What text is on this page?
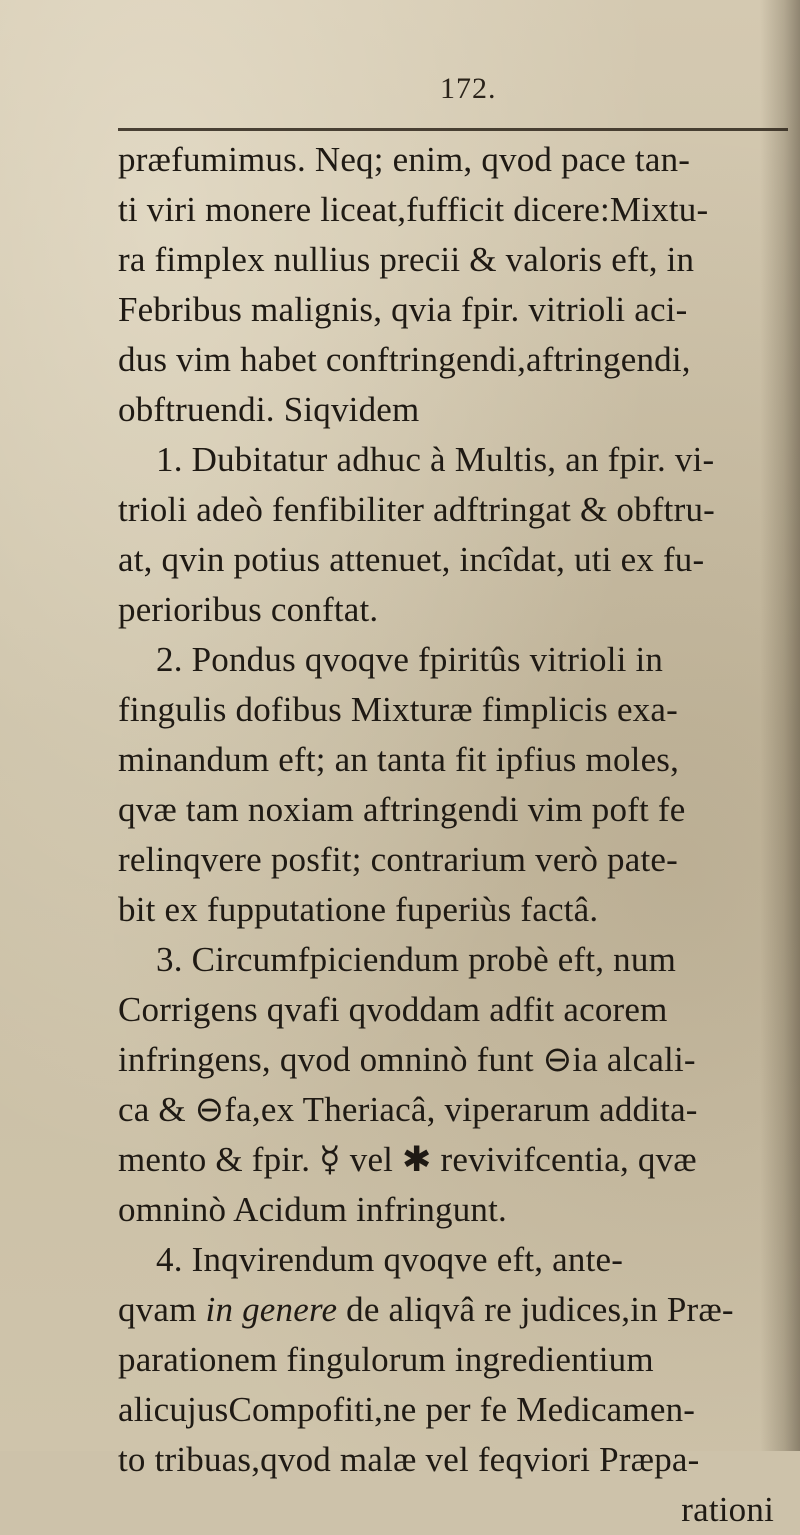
172.
præfumimus. Neq; enim, qvod pace tan-
ti viri monere liceat,fufficit dicere:Mixtu-
ra fimplex nullius precii & valoris eft, in
Febribus malignis, qvia fpir. vitrioli aci-
dus vim habet conftringendi,aftringendi,
obftruendi. Siqvidem
1. Dubitatur adhuc à Multis, an fpir. vi-
trioli adeò fenfibiliter adftringat & obftru-
at, qvin potius attenuet, incîdat, uti ex fu-
perioribus conftat.
2. Pondus qvoqve fpiritûs vitrioli in
fingulis dofibus Mixturæ fimplicis exa-
minandum eft; an tanta fit ipfius moles,
qvæ tam noxiam aftringendi vim poft fe
relinqvere posfit; contrarium verò pate-
bit ex fupputatione fuperiùs factâ.
3. Circumfpiciendum probè eft, num
Corrigens qvafi qvoddam adfit acorem
infringens, qvod omninò funt ⊖ia alcali-
ca & ⊖fa,ex Theriacâ, viperarum addita-
mento & fpir. ☿ vel ✱ revivifcentia, qvæ
omninò Acidum infringunt.
4. Inqvirendum qvoqve eft, ante-
qvam in genere de aliqvâ re judices,in Præ-
parationem fingulorum ingredientium
alicujusCompofiti,ne per fe Medicamen-
to tribuas,qvod malæ vel feqviori Præpa-
rationi
